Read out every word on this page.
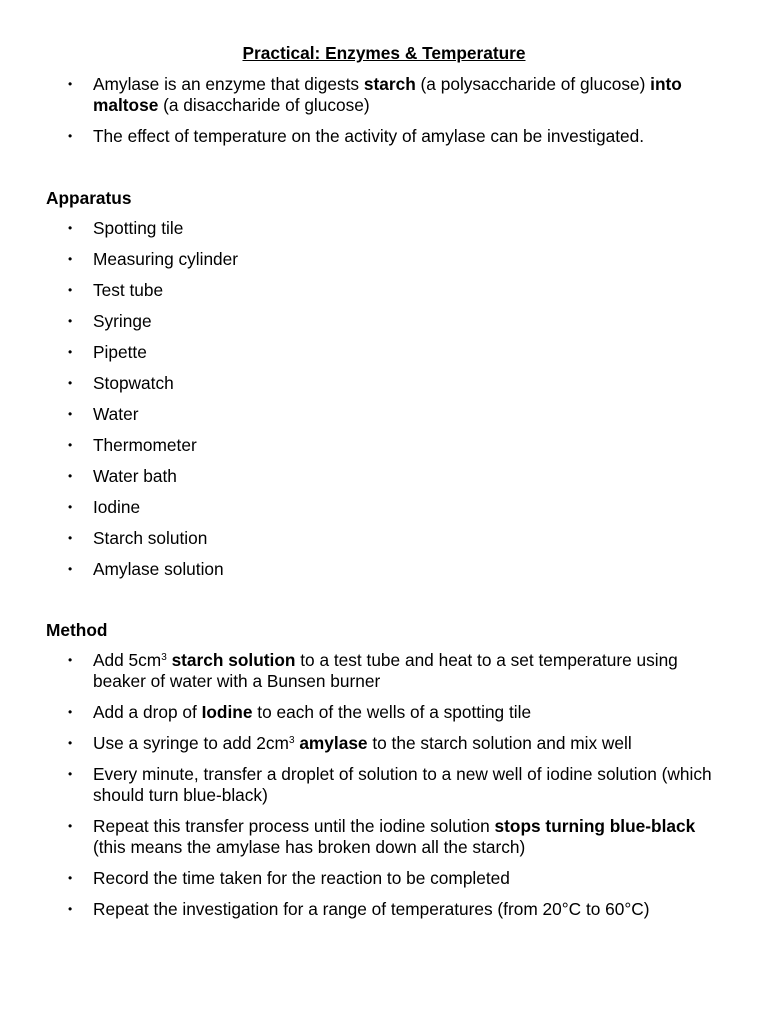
Practical: Enzymes & Temperature
• Amylase is an enzyme that digests starch (a polysaccharide of glucose) into maltose (a disaccharide of glucose)
• The effect of temperature on the activity of amylase can be investigated.
Apparatus
• Spotting tile
• Measuring cylinder
• Test tube
• Syringe
• Pipette
• Stopwatch
• Water
• Thermometer
• Water bath
• Iodine
• Starch solution
• Amylase solution
Method
• Add $5cm^3$ starch solution to a test tube and heat to a set temperature using beaker of water with a Bunsen burner
• Add a drop of Iodine to each of the wells of a spotting tile
• Use a syringe to add $2cm^3$ amylase to the starch solution and mix well
• Every minute, transfer a droplet of solution to a new well of iodine solution (which should turn blue-black)
• Repeat this transfer process until the iodine solution stops turning blue-black (this means the amylase has broken down all the starch)
• Record the time taken for the reaction to be completed
• Repeat the investigation for a range of temperatures (from 20°C to 60°C)
